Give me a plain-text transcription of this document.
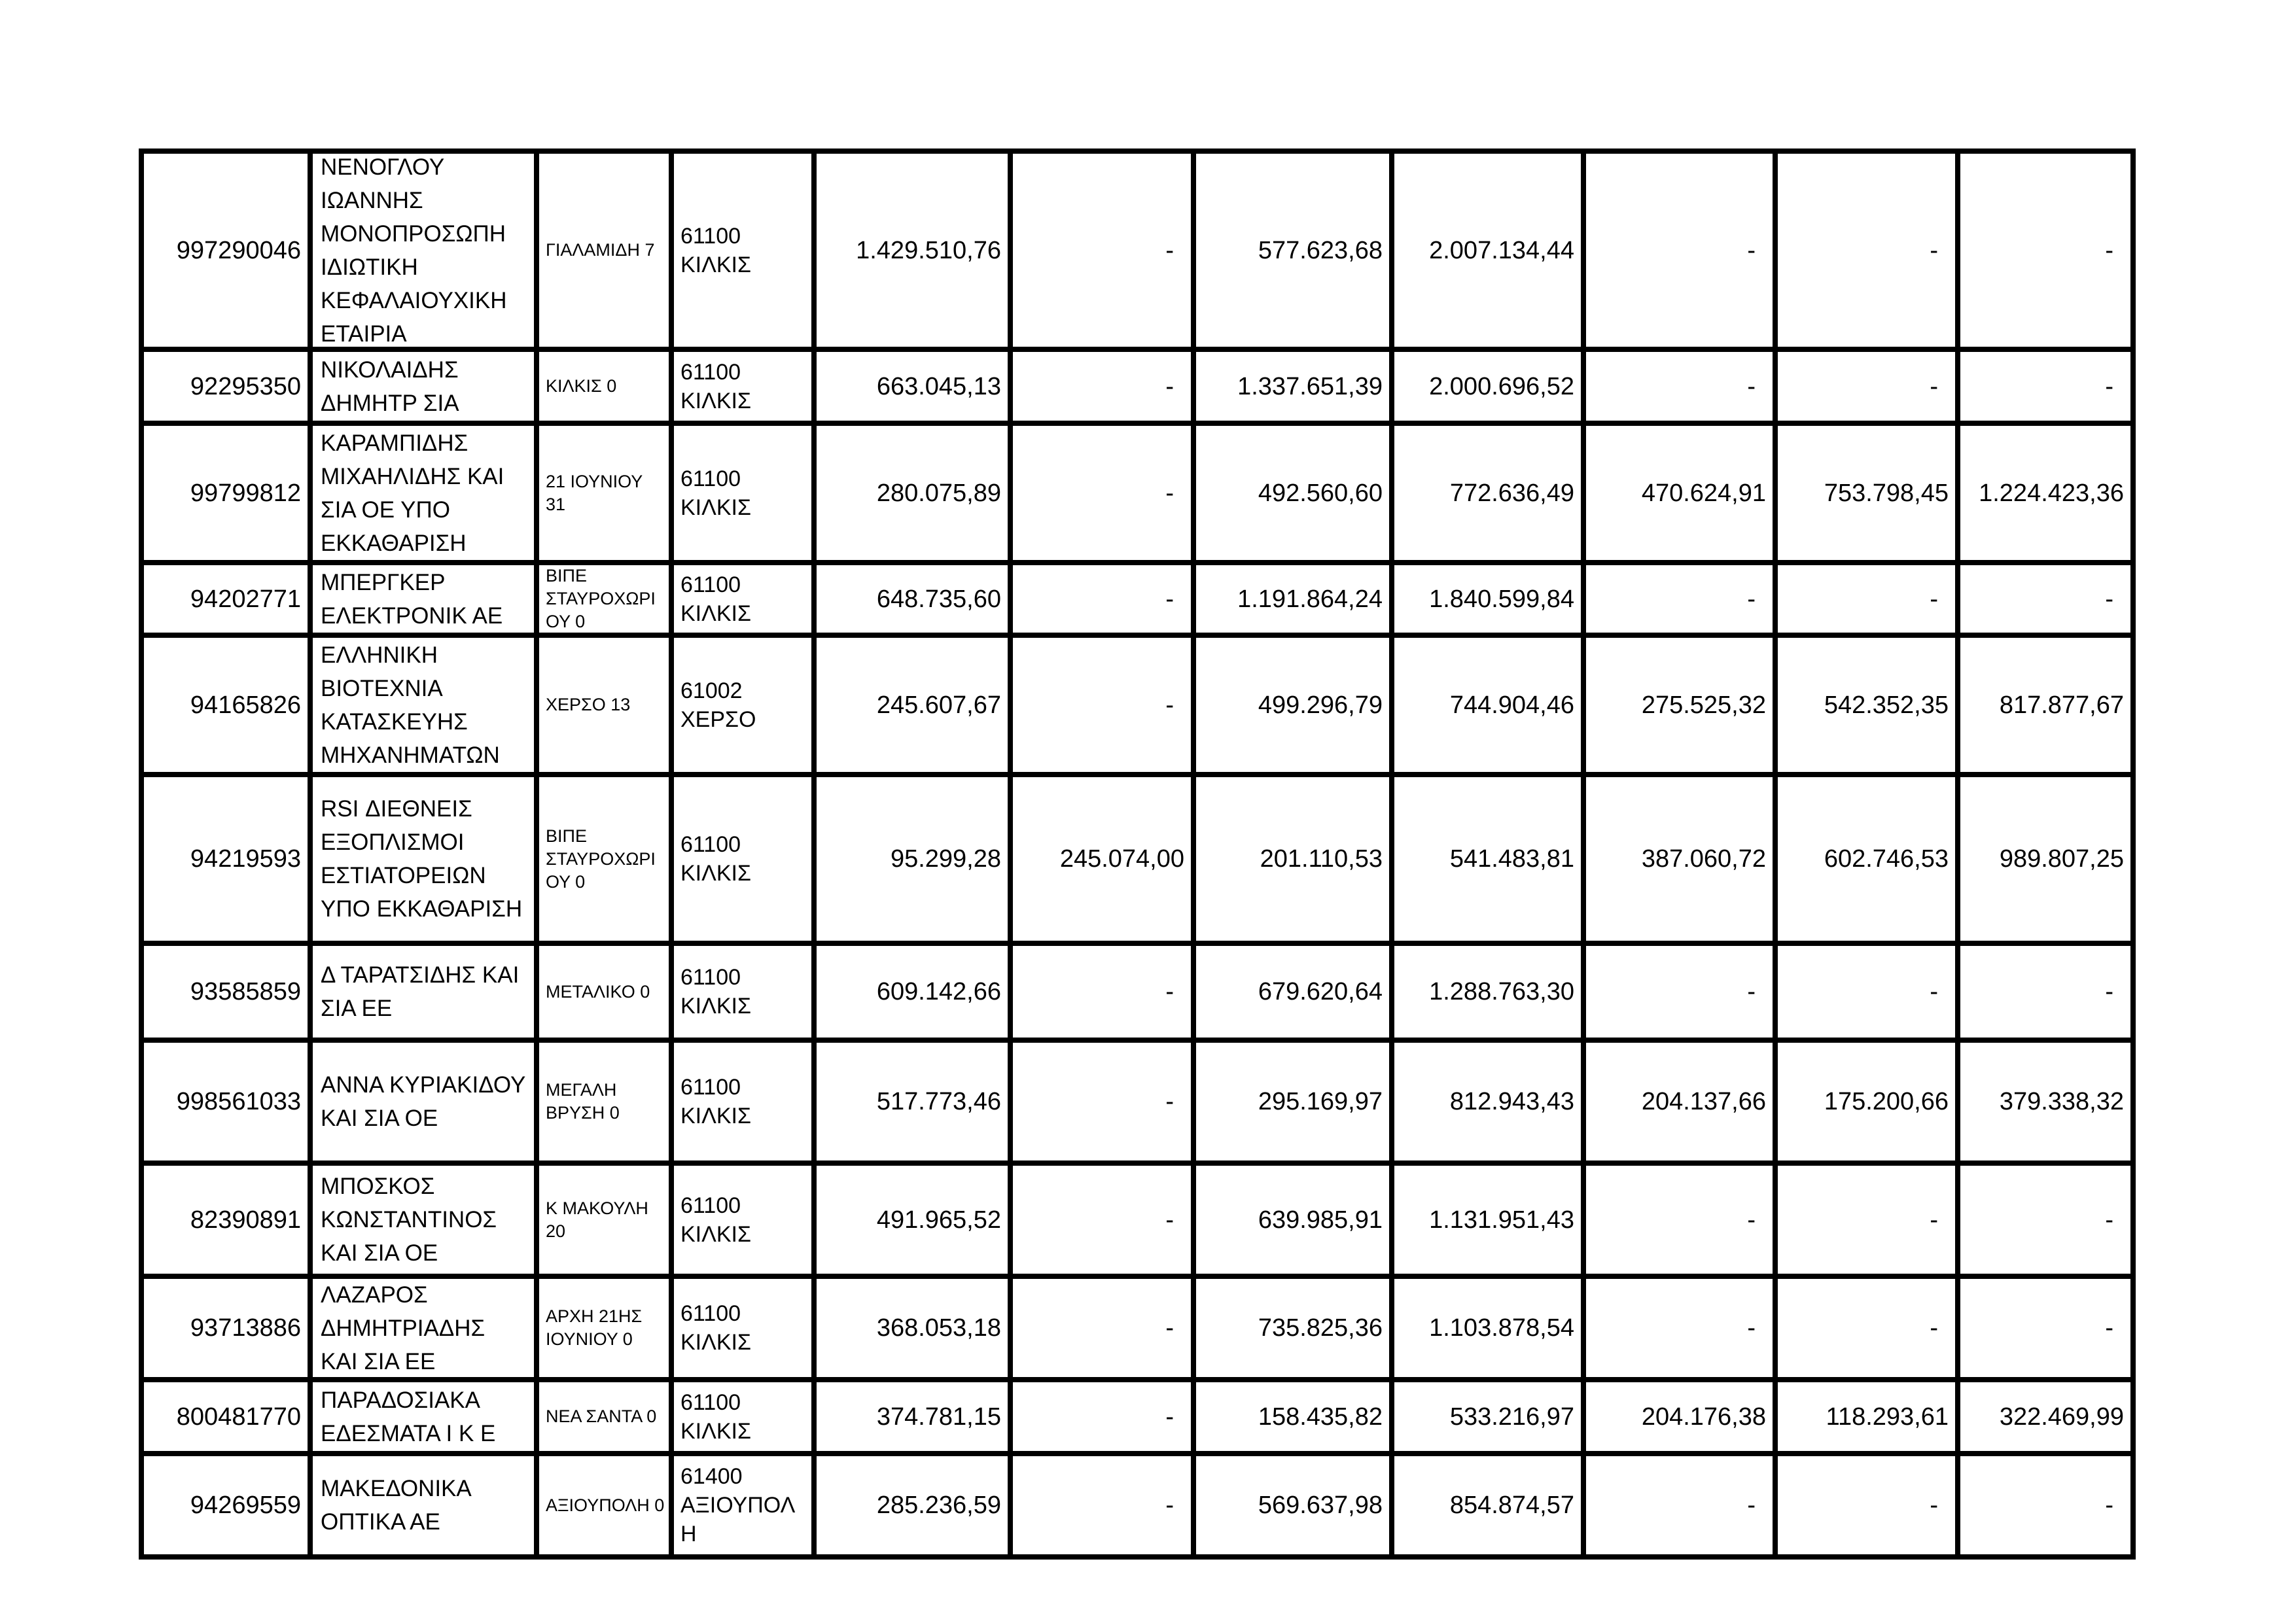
997290046	ΝΕΝΟΓΛΟΥ ΙΩΑΝΝΗΣ ΜΟΝΟΠΡΟΣΩΠΗ ΙΔΙΩΤΙΚΗ ΚΕΦΑΛΑΙΟΥΧΙΚΗ ΕΤΑΙΡΙΑ	ΓΙΑΛΑΜΙΔΗ 7	61100 ΚΙΛΚΙΣ	1.429.510,76	-	577.623,68	2.007.134,44	-	-	-

92295350	ΝΙΚΟΛΑΙΔΗΣ ΔΗΜΗΤΡ ΣΙΑ	ΚΙΛΚΙΣ 0	61100 ΚΙΛΚΙΣ	663.045,13	-	1.337.651,39	2.000.696,52	-	-	-

99799812	ΚΑΡΑΜΠΙΔΗΣ ΜΙΧΑΗΛΙΔΗΣ ΚΑΙ ΣΙΑ ΟΕ ΥΠΟ ΕΚΚΑΘΑΡΙΣΗ	21 ΙΟΥΝΙΟΥ 31	61100 ΚΙΛΚΙΣ	280.075,89	-	492.560,60	772.636,49	470.624,91	753.798,45	1.224.423,36

94202771	ΜΠΕΡΓΚΕΡ ΕΛΕΚΤΡΟΝΙΚ ΑΕ	ΒΙΠΕ ΣΤΑΥΡΟΧΩΡΙΟΥ 0	61100 ΚΙΛΚΙΣ	648.735,60	-	1.191.864,24	1.840.599,84	-	-	-

94165826	ΕΛΛΗΝΙΚΗ ΒΙΟΤΕΧΝΙΑ ΚΑΤΑΣΚΕΥΗΣ ΜΗΧΑΝΗΜΑΤΩΝ	ΧΕΡΣΟ 13	61002 ΧΕΡΣΟ	245.607,67	-	499.296,79	744.904,46	275.525,32	542.352,35	817.877,67

94219593	RSI ΔΙΕΘΝΕΙΣ ΕΞΟΠΛΙΣΜΟΙ ΕΣΤΙΑΤΟΡΕΙΩΝ ΥΠΟ ΕΚΚΑΘΑΡΙΣΗ	ΒΙΠΕ ΣΤΑΥΡΟΧΩΡΙΟΥ 0	61100 ΚΙΛΚΙΣ	95.299,28	245.074,00	201.110,53	541.483,81	387.060,72	602.746,53	989.807,25

93585859	Δ ΤΑΡΑΤΣΙΔΗΣ ΚΑΙ ΣΙΑ ΕΕ	ΜΕΤΑΛΙΚΟ 0	61100 ΚΙΛΚΙΣ	609.142,66	-	679.620,64	1.288.763,30	-	-	-

998561033	ΑΝΝΑ ΚΥΡΙΑΚΙΔΟΥ ΚΑΙ ΣΙΑ ΟΕ	ΜΕΓΑΛΗ ΒΡΥΣΗ 0	61100 ΚΙΛΚΙΣ	517.773,46	-	295.169,97	812.943,43	204.137,66	175.200,66	379.338,32

82390891	ΜΠΟΣΚΟΣ ΚΩΝΣΤΑΝΤΙΝΟΣ ΚΑΙ ΣΙΑ ΟΕ	Κ ΜΑΚΟΥΛΗ 20	61100 ΚΙΛΚΙΣ	491.965,52	-	639.985,91	1.131.951,43	-	-	-

93713886	ΛΑΖΑΡΟΣ ΔΗΜΗΤΡΙΑΔΗΣ ΚΑΙ ΣΙΑ ΕΕ	ΑΡΧΗ 21ΗΣ ΙΟΥΝΙΟΥ 0	61100 ΚΙΛΚΙΣ	368.053,18	-	735.825,36	1.103.878,54	-	-	-

800481770	ΠΑΡΑΔΟΣΙΑΚΑ ΕΔΕΣΜΑΤΑ Ι Κ Ε	ΝΕΑ ΣΑΝΤΑ 0	61100 ΚΙΛΚΙΣ	374.781,15	-	158.435,82	533.216,97	204.176,38	118.293,61	322.469,99

94269559	ΜΑΚΕΔΟΝΙΚΑ ΟΠΤΙΚΑ ΑΕ	ΑΞΙΟΥΠΟΛΗ 0	61400 ΑΞΙΟΥΠΟΛΗ	285.236,59	-	569.637,98	854.874,57	-	-	-
